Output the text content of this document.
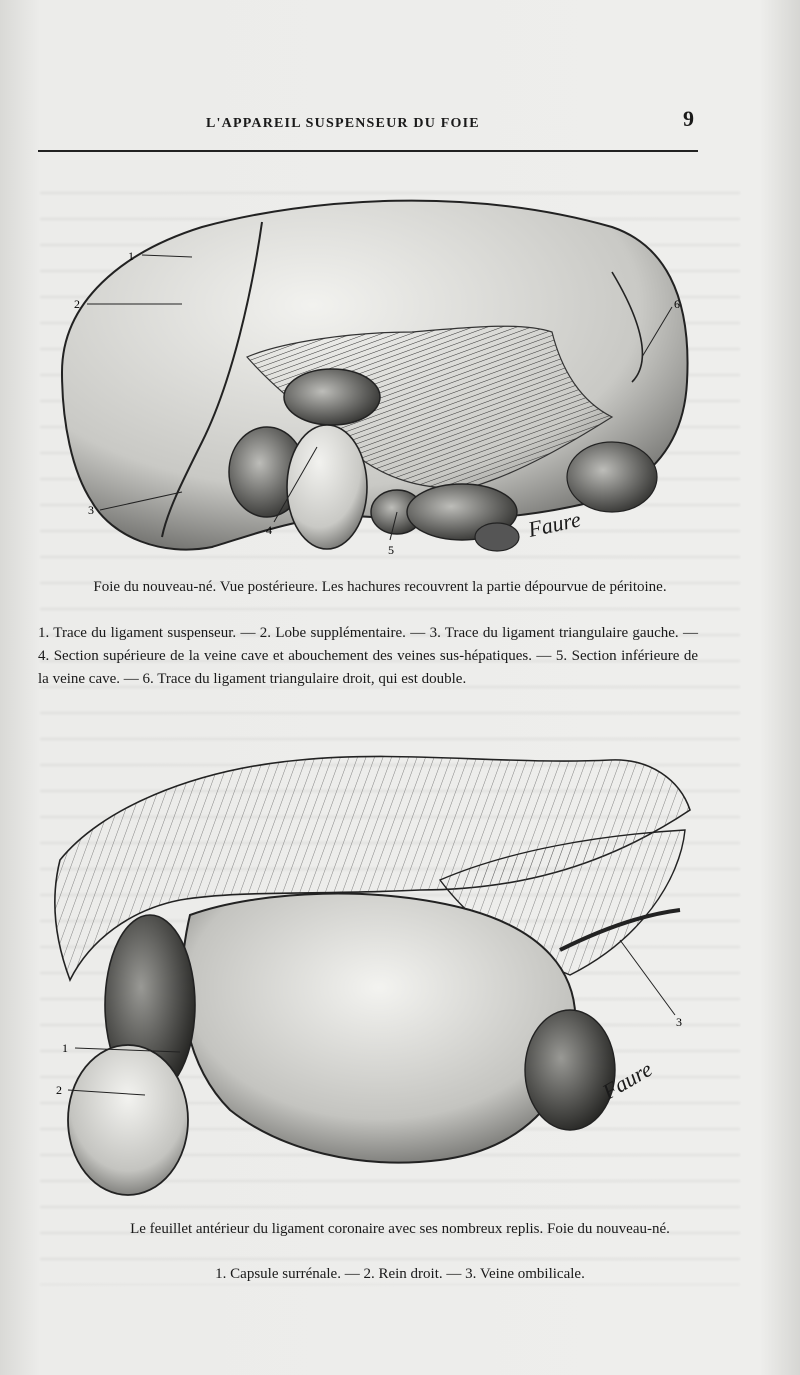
L'APPAREIL SUSPENSEUR DU FOIE	9
1
2
3
4
5
6
Faure
Foie du nouveau-né. Vue postérieure. Les hachures recouvrent la partie dépourvue de péritoine.
1. Trace du ligament suspenseur. — 2. Lobe supplémentaire. — 3. Trace du ligament triangulaire gauche. — 4. Section supérieure de la veine cave et abouchement des veines sus-hépatiques. — 5. Section inférieure de la veine cave. — 6. Trace du ligament triangulaire droit, qui est double.
1
2
3
Faure
Le feuillet antérieur du ligament coronaire avec ses nombreux replis. Foie du nouveau-né.
1. Capsule surrénale. — 2. Rein droit. — 3. Veine ombilicale.
